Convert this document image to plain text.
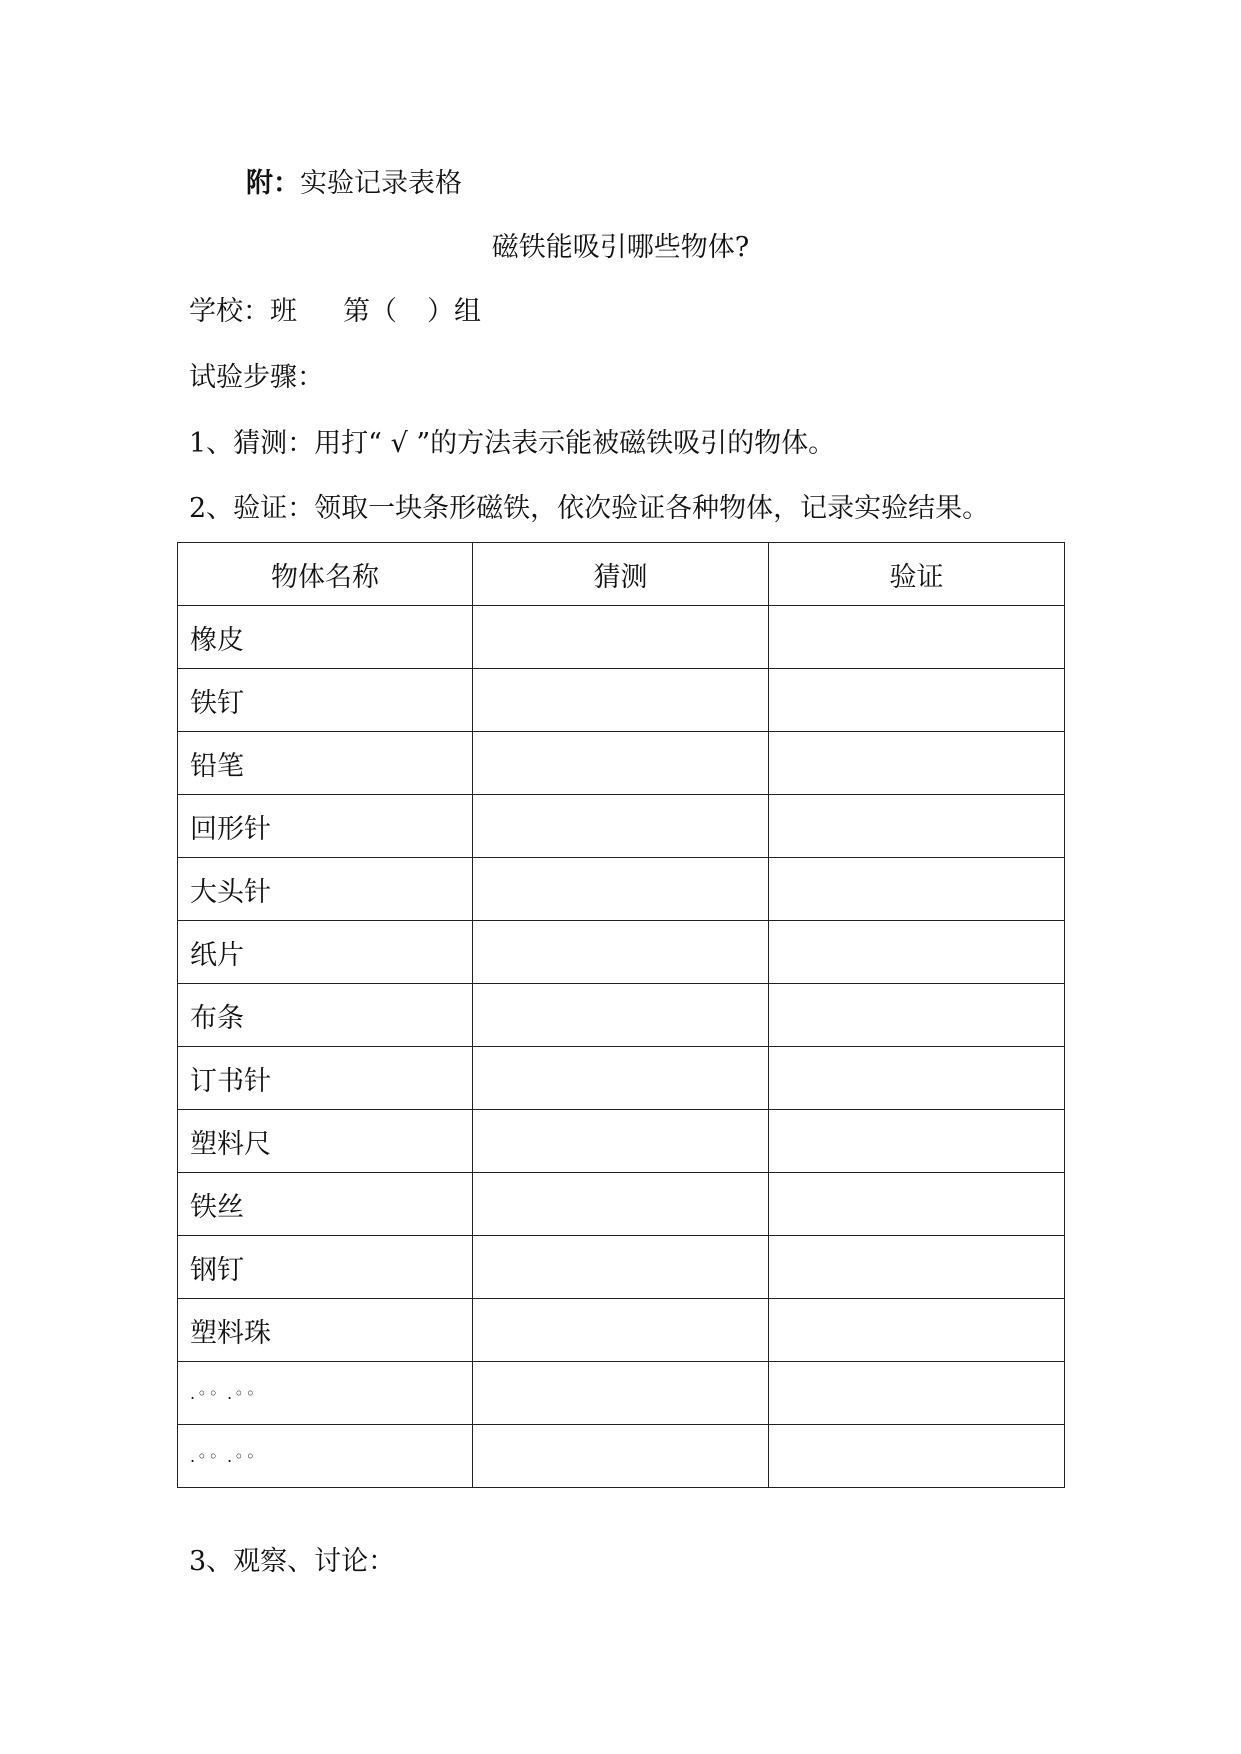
附：实验记录表格
磁铁能吸引哪些物体?
学校：班 第（ ）组
试验步骤：
1、猜测：用打“ √ ”的方法表示能被磁铁吸引的物体。
2、验证：领取一块条形磁铁，依次验证各种物体，记录实验结果。
物体名称	猜测	验证
橡皮		
铁钉		
铅笔		
回形针		
大头针		
纸片		
布条		
订书针		
塑料尺		
铁丝		
钢钉		
塑料珠		
.◦◦ .◦◦		
.◦◦ .◦◦		
3、观察、讨论：
